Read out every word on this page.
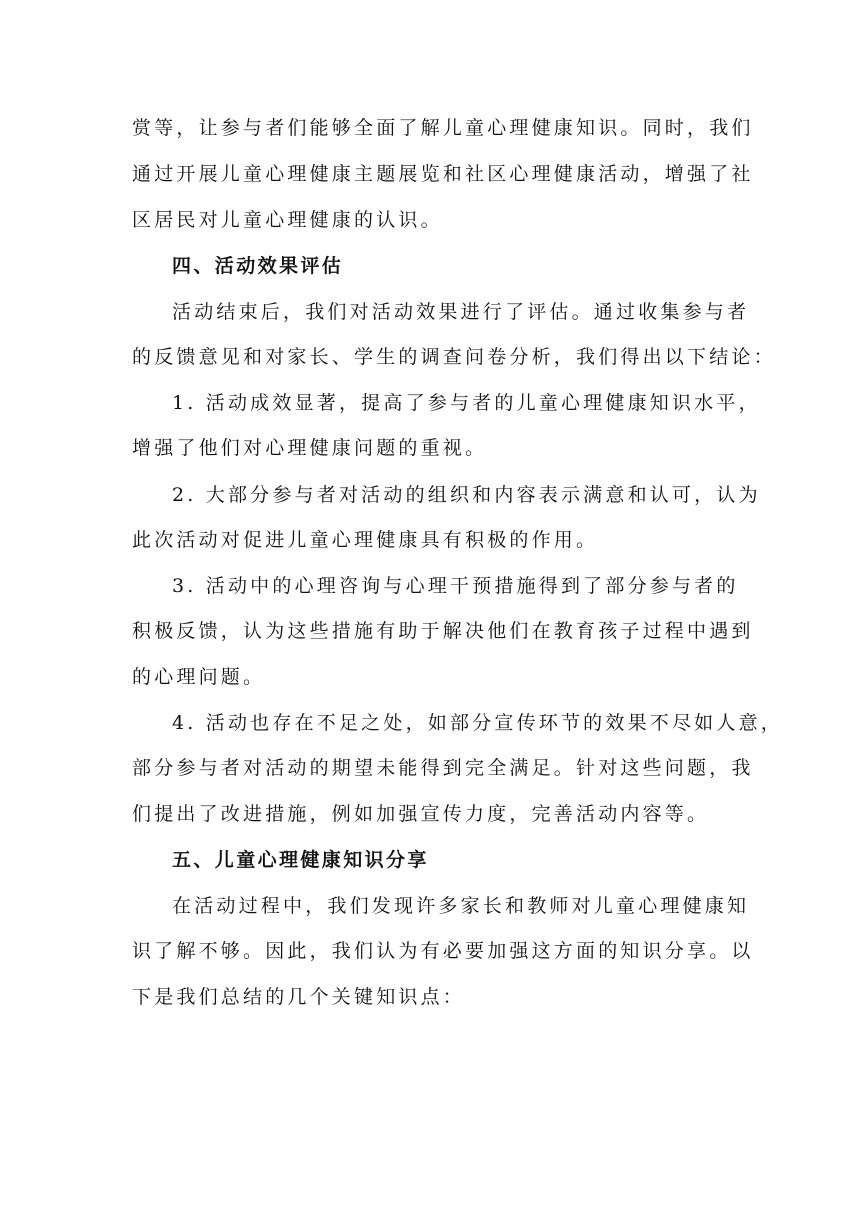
赏等，让参与者们能够全面了解儿童心理健康知识。同时，我们
通过开展儿童心理健康主题展览和社区心理健康活动，增强了社
区居民对儿童心理健康的认识。
四、活动效果评估
活动结束后，我们对活动效果进行了评估。通过收集参与者
的反馈意见和对家长、学生的调查问卷分析，我们得出以下结论：
1. 活动成效显著，提高了参与者的儿童心理健康知识水平，
增强了他们对心理健康问题的重视。
2. 大部分参与者对活动的组织和内容表示满意和认可，认为
此次活动对促进儿童心理健康具有积极的作用。
3. 活动中的心理咨询与心理干预措施得到了部分参与者的
积极反馈，认为这些措施有助于解决他们在教育孩子过程中遇到
的心理问题。
4. 活动也存在不足之处，如部分宣传环节的效果不尽如人意，
部分参与者对活动的期望未能得到完全满足。针对这些问题，我
们提出了改进措施，例如加强宣传力度，完善活动内容等。
五、儿童心理健康知识分享
在活动过程中，我们发现许多家长和教师对儿童心理健康知
识了解不够。因此，我们认为有必要加强这方面的知识分享。以
下是我们总结的几个关键知识点：
